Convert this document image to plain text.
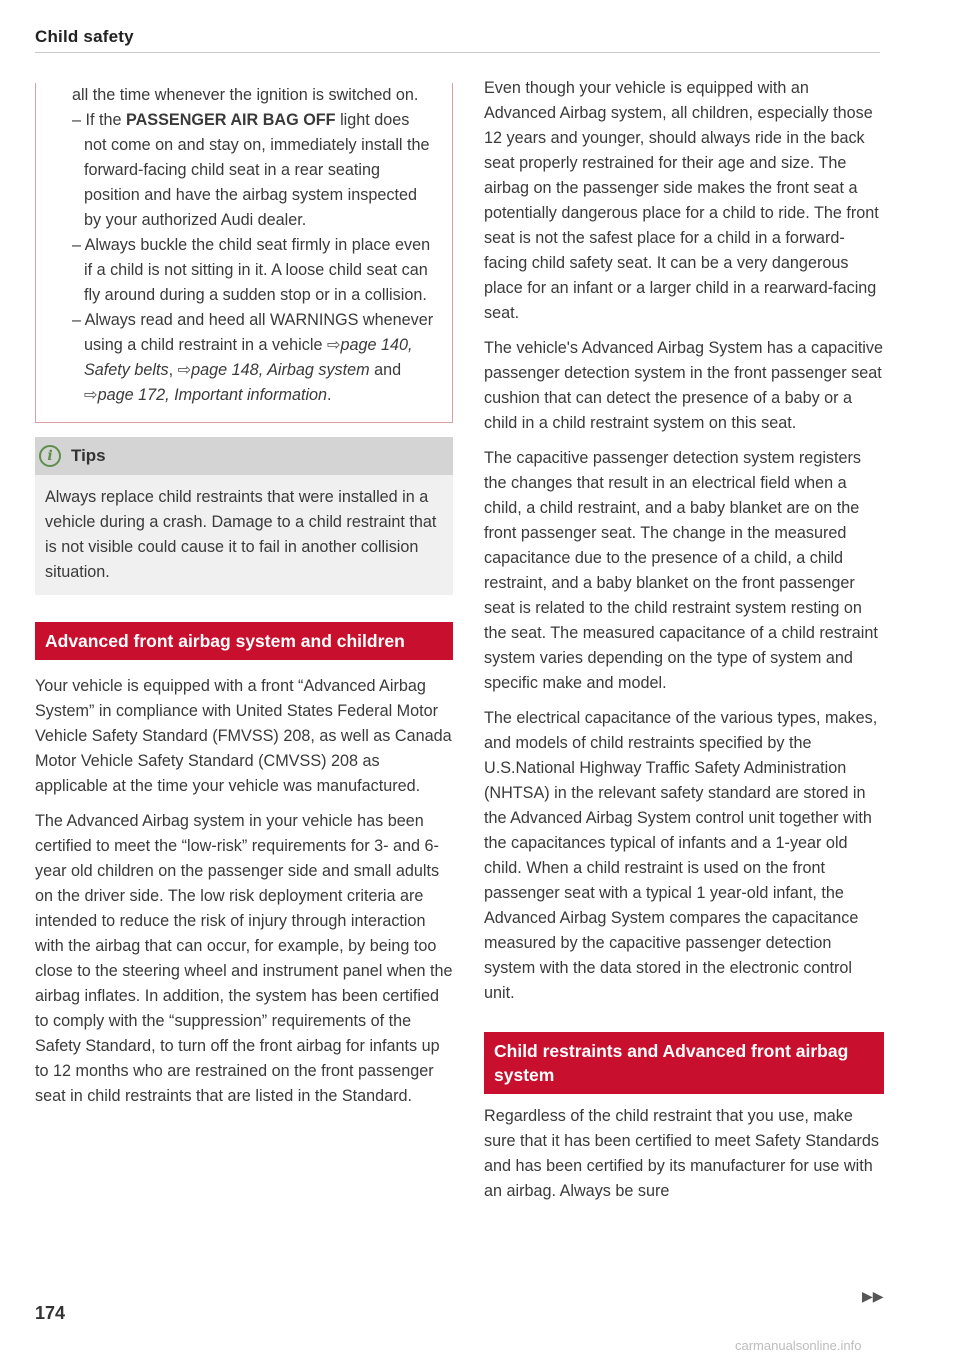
Child safety

all the time whenever the ignition is switched on.

– If the PASSENGER AIR BAG OFF light does not come on and stay on, immediately install the forward-facing child seat in a rear seating position and have the airbag system inspected by your authorized Audi dealer.
– Always buckle the child seat firmly in place even if a child is not sitting in it. A loose child seat can fly around during a sudden stop or in a collision.
– Always read and heed all WARNINGS whenever using a child restraint in a vehicle ⇨page 140, Safety belts, ⇨page 148, Airbag system and ⇨page 172, Important information.
i	Tips

Always replace child restraints that were installed in a vehicle during a crash. Damage to a child restraint that is not visible could cause it to fail in another collision situation.

Advanced front airbag system and children

Your vehicle is equipped with a front “Advanced Airbag System” in compliance with United States Federal Motor Vehicle Safety Standard (FMVSS) 208, as well as Canada Motor Vehicle Safety Standard (CMVSS) 208 as applicable at the time your vehicle was manufactured.

The Advanced Airbag system in your vehicle has been certified to meet the “low-risk” requirements for 3- and 6-year old children on the passenger side and small adults on the driver side. The low risk deployment criteria are intended to reduce the risk of injury through interaction with the airbag that can occur, for example, by being too close to the steering wheel and instrument panel when the airbag inflates. In addition, the system has been certified to comply with the “suppression” requirements of the Safety Standard, to turn off the front airbag for infants up to 12 months who are restrained on the front passenger seat in child restraints that are listed in the Standard.

Even though your vehicle is equipped with an Advanced Airbag system, all children, especially those 12 years and younger, should always ride in the back seat properly restrained for their age and size. The airbag on the passenger side makes the front seat a potentially dangerous place for a child to ride. The front seat is not the safest place for a child in a forward-facing child safety seat. It can be a very dangerous place for an infant or a larger child in a rearward-facing seat.

The vehicle's Advanced Airbag System has a capacitive passenger detection system in the front passenger seat cushion that can detect the presence of a baby or a child in a child restraint system on this seat.

The capacitive passenger detection system registers the changes that result in an electrical field when a child, a child restraint, and a baby blanket are on the front passenger seat. The change in the measured capacitance due to the presence of a child, a child restraint, and a baby blanket on the front passenger seat is related to the child restraint system resting on the seat. The measured capacitance of a child restraint system varies depending on the type of system and specific make and model.

The electrical capacitance of the various types, makes, and models of child restraints specified by the U.S.National Highway Traffic Safety Administration (NHTSA) in the relevant safety standard are stored in the Advanced Airbag System control unit together with the capacitances typical of infants and a 1-year old child. When a child restraint is used on the front passenger seat with a typical 1 year-old infant, the Advanced Airbag System compares the capacitance measured by the capacitive passenger detection system with the data stored in the electronic control unit.

Child restraints and Advanced front airbag system

Regardless of the child restraint that you use, make sure that it has been certified to meet Safety Standards and has been certified by its manufacturer for use with an airbag. Always be sure

▶▶
174
carmanualsonline.info
